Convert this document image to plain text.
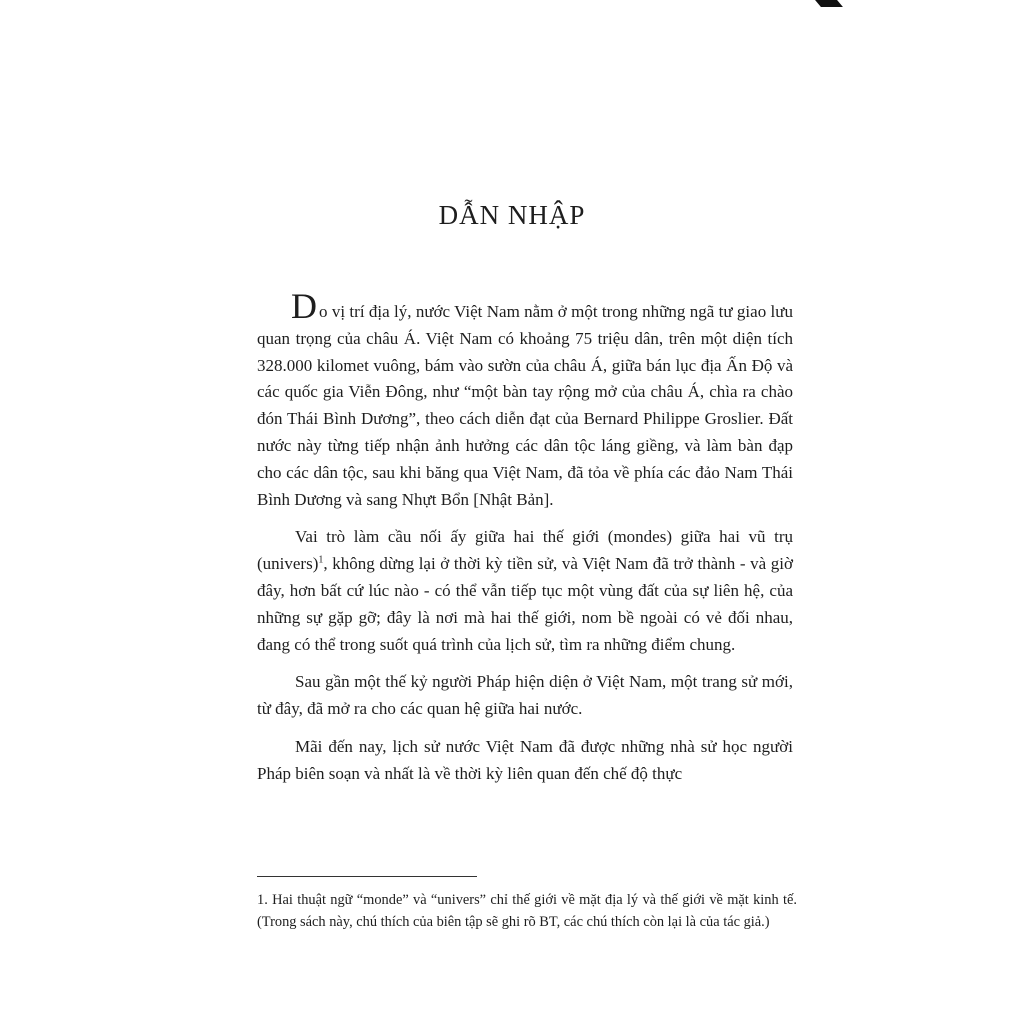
DẪN NHẬP

Do vị trí địa lý, nước Việt Nam nằm ở một trong những ngã tư giao lưu quan trọng của châu Á. Việt Nam có khoảng 75 triệu dân, trên một diện tích 328.000 kilomet vuông, bám vào sườn của châu Á, giữa bán lục địa Ấn Độ và các quốc gia Viễn Đông, như “một bàn tay rộng mở của châu Á, chìa ra chào đón Thái Bình Dương”, theo cách diễn đạt của Bernard Philippe Groslier. Đất nước này từng tiếp nhận ảnh hưởng các dân tộc láng giềng, và làm bàn đạp cho các dân tộc, sau khi băng qua Việt Nam, đã tỏa về phía các đảo Nam Thái Bình Dương và sang Nhựt Bổn [Nhật Bản].

Vai trò làm cầu nối ấy giữa hai thế giới (mondes) giữa hai vũ trụ (univers)$^1$, không dừng lại ở thời kỳ tiền sử, và Việt Nam đã trở thành - và giờ đây, hơn bất cứ lúc nào - có thể vẫn tiếp tục một vùng đất của sự liên hệ, của những sự gặp gỡ; đây là nơi mà hai thế giới, nom bề ngoài có vẻ đối nhau, đang có thể trong suốt quá trình của lịch sử, tìm ra những điểm chung.

Sau gần một thế kỷ người Pháp hiện diện ở Việt Nam, một trang sử mới, từ đây, đã mở ra cho các quan hệ giữa hai nước.

Mãi đến nay, lịch sử nước Việt Nam đã được những nhà sử học người Pháp biên soạn và nhất là về thời kỳ liên quan đến chế độ thực

1. Hai thuật ngữ “monde” và “univers” chỉ thế giới về mặt địa lý và thế giới về mặt kinh tế. (Trong sách này, chú thích của biên tập sẽ ghi rõ BT, các chú thích còn lại là của tác giả.)
